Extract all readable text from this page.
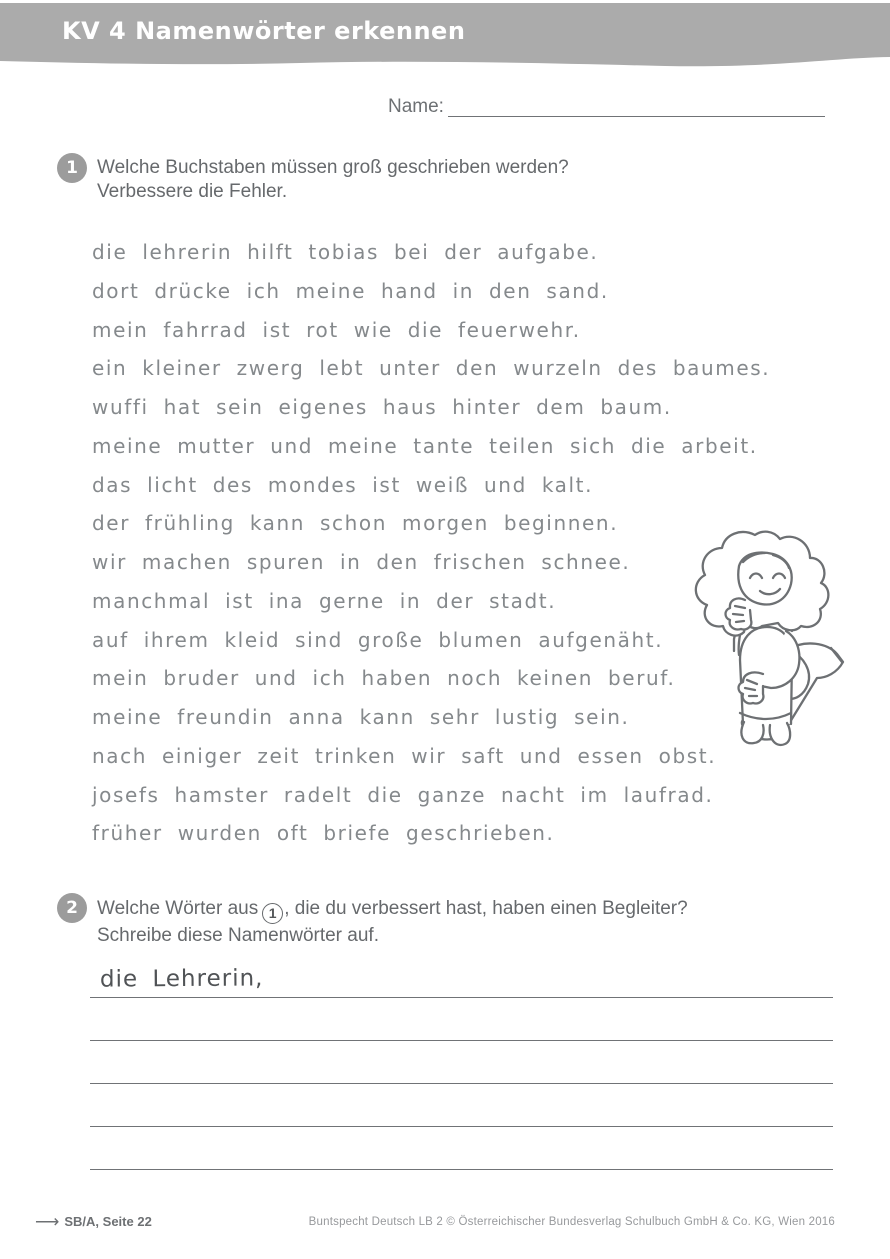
KV 4 Namenwörter erkennen
Name:
1	Welche Buchstaben müssen groß geschrieben werden?
Verbessere die Fehler.
die lehrerin hilft tobias bei der aufgabe.
dort drücke ich meine hand in den sand.
mein fahrrad ist rot wie die feuerwehr.
ein kleiner zwerg lebt unter den wurzeln des baumes.
wuffi hat sein eigenes haus hinter dem baum.
meine mutter und meine tante teilen sich die arbeit.
das licht des mondes ist weiß und kalt.
der frühling kann schon morgen beginnen.
wir machen spuren in den frischen schnee.
manchmal ist ina gerne in der stadt.
auf ihrem kleid sind große blumen aufgenäht.
mein bruder und ich haben noch keinen beruf.
meine freundin anna kann sehr lustig sein.
nach einiger zeit trinken wir saft und essen obst.
josefs hamster radelt die ganze nacht im laufrad.
früher wurden oft briefe geschrieben.
2	Welche Wörter aus 1 , die du verbessert hast, haben einen Begleiter?
Schreibe diese Namenwörter auf.
die Lehrerin,
⟶ SB/A, Seite 22	Buntspecht Deutsch LB 2 © Österreichischer Bundesverlag Schulbuch GmbH & Co. KG, Wien 2016
